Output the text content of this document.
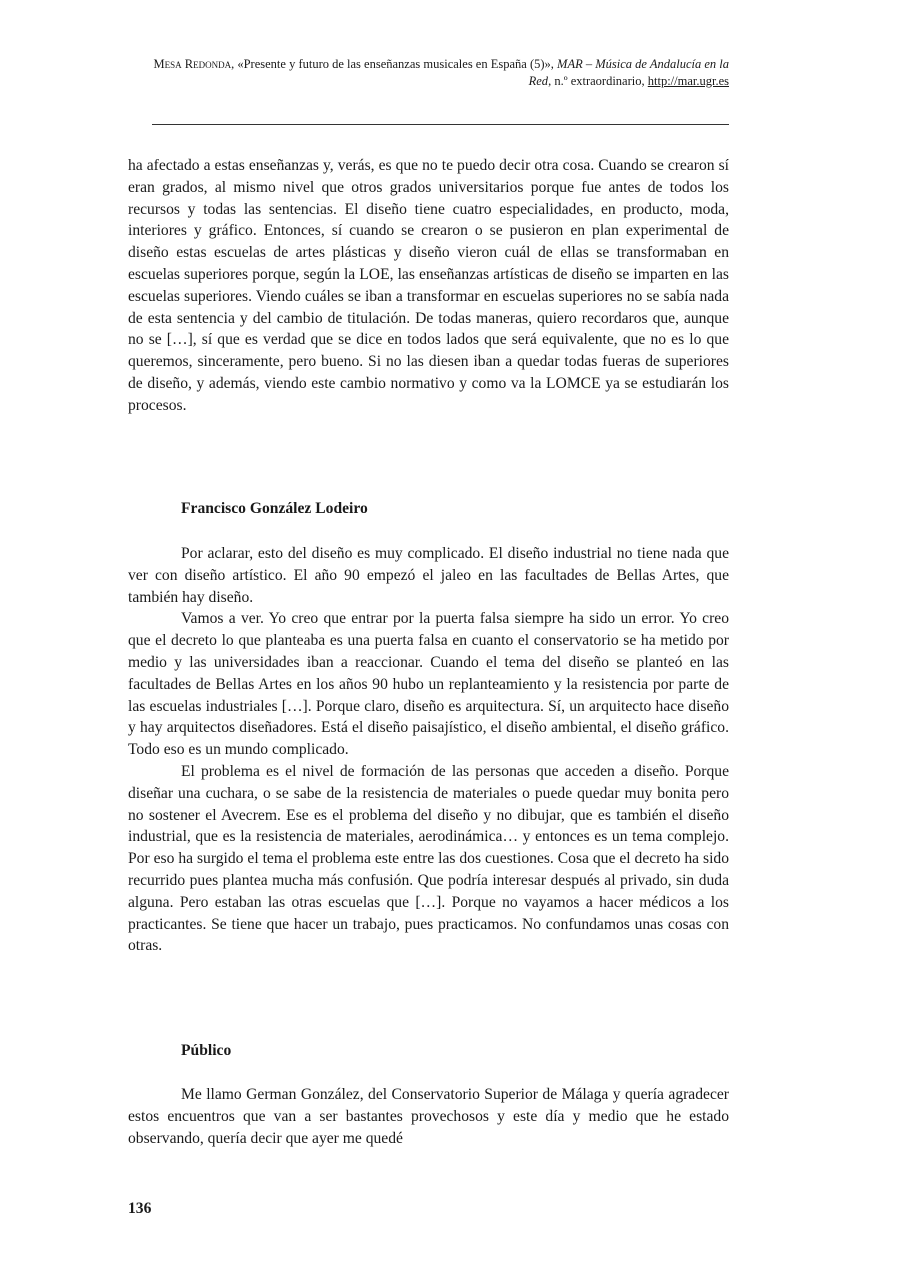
Mesa Redonda, «Presente y futuro de las enseñanzas musicales en España (5)», MAR – Música de Andalucía en la Red, n.º extraordinario, http://mar.ugr.es

ha afectado a estas enseñanzas y, verás, es que no te puedo decir otra cosa. Cuando se crearon sí eran grados, al mismo nivel que otros grados universitarios porque fue antes de todos los recursos y todas las sentencias. El diseño tiene cuatro especialidades, en producto, moda, interiores y gráfico. Entonces, sí cuando se crearon o se pusieron en plan experimental de diseño estas escuelas de artes plásticas y diseño vieron cuál de ellas se transformaban en escuelas superiores porque, según la LOE, las enseñanzas artísticas de diseño se imparten en las escuelas superiores. Viendo cuáles se iban a transformar en escuelas superiores no se sabía nada de esta sentencia y del cambio de titulación. De todas maneras, quiero recordaros que, aunque no se […], sí que es verdad que se dice en todos lados que será equivalente, que no es lo que queremos, sinceramente, pero bueno. Si no las diesen iban a quedar todas fueras de superiores de diseño, y además, viendo este cambio normativo y como va la LOMCE ya se estudiarán los procesos.

Francisco González Lodeiro

Por aclarar, esto del diseño es muy complicado. El diseño industrial no tiene nada que ver con diseño artístico. El año 90 empezó el jaleo en las facultades de Bellas Artes, que también hay diseño.

Vamos a ver. Yo creo que entrar por la puerta falsa siempre ha sido un error. Yo creo que el decreto lo que planteaba es una puerta falsa en cuanto el conservatorio se ha metido por medio y las universidades iban a reaccionar. Cuando el tema del diseño se planteó en las facultades de Bellas Artes en los años 90 hubo un replanteamiento y la resistencia por parte de las escuelas industriales […]. Porque claro, diseño es arquitectura. Sí, un arquitecto hace diseño y hay arquitectos diseñadores. Está el diseño paisajístico, el diseño ambiental, el diseño gráfico. Todo eso es un mundo complicado.

El problema es el nivel de formación de las personas que acceden a diseño. Porque diseñar una cuchara, o se sabe de la resistencia de materiales o puede quedar muy bonita pero no sostener el Avecrem. Ese es el problema del diseño y no dibujar, que es también el diseño industrial, que es la resistencia de materiales, aerodinámica… y entonces es un tema complejo. Por eso ha surgido el tema el problema este entre las dos cuestiones. Cosa que el decreto ha sido recurrido pues plantea mucha más confusión. Que podría interesar después al privado, sin duda alguna. Pero estaban las otras escuelas que […]. Porque no vayamos a hacer médicos a los practicantes. Se tiene que hacer un trabajo, pues practicamos. No confundamos unas cosas con otras.

Público

Me llamo German González, del Conservatorio Superior de Málaga y quería agradecer estos encuentros que van a ser bastantes provechosos y este día y medio que he estado observando, quería decir que ayer me quedé

136
